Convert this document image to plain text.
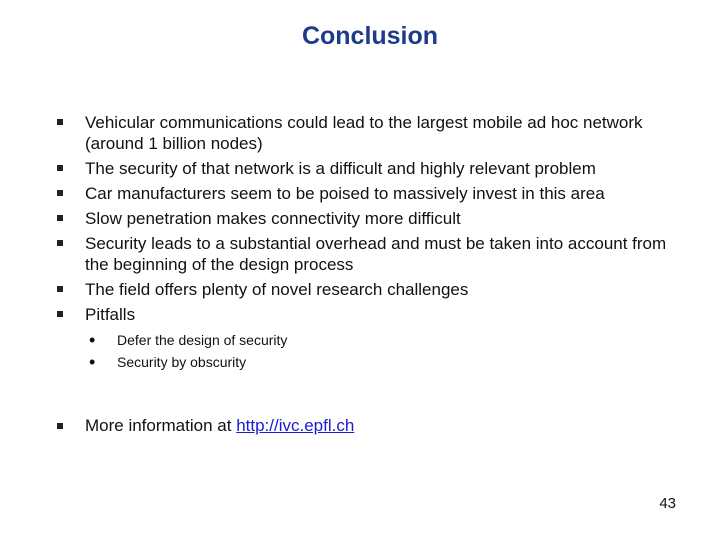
Conclusion
Vehicular communications could lead to the largest mobile ad hoc network (around 1 billion nodes)
The security of that network is a difficult and highly relevant problem
Car manufacturers seem to be poised to massively invest in this area
Slow penetration makes connectivity more difficult
Security leads to a substantial overhead and must be taken into account from the beginning of the design process
The field offers plenty of novel research challenges
Pitfalls
• Defer the design of security
• Security by obscurity
More information at http://ivc.epfl.ch
43
